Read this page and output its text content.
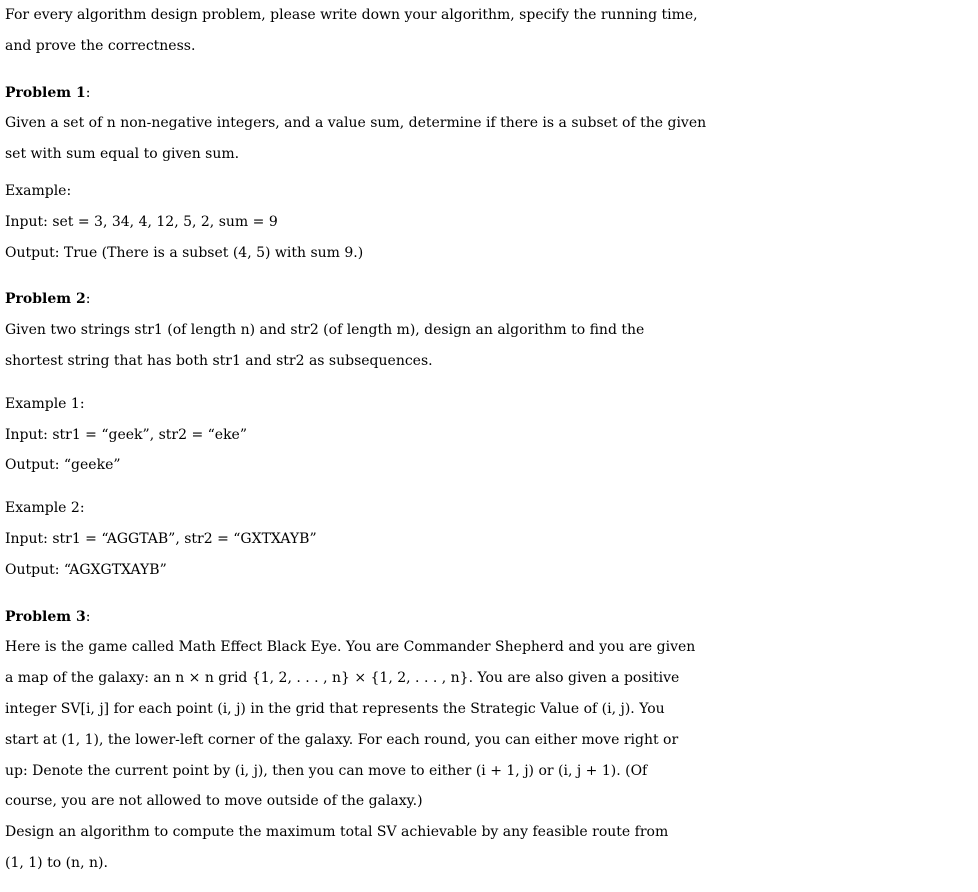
For every algorithm design problem, please write down your algorithm, specify the running time,
and prove the correctness.
Problem 1:
Given a set of n non-negative integers, and a value sum, determine if there is a subset of the given
set with sum equal to given sum.
Example:
Input: set = 3, 34, 4, 12, 5, 2, sum = 9
Output: True (There is a subset (4, 5) with sum 9.)
Problem 2:
Given two strings str1 (of length n) and str2 (of length m), design an algorithm to find the
shortest string that has both str1 and str2 as subsequences.
Example 1:
Input: str1 = “geek”, str2 = “eke”
Output: “geeke”
Example 2:
Input: str1 = “AGGTAB”, str2 = “GXTXAYB”
Output: “AGXGTXAYB”
Problem 3:
Here is the game called Math Effect Black Eye. You are Commander Shepherd and you are given
a map of the galaxy: an n × n grid {1, 2, . . . , n} × {1, 2, . . . , n}. You are also given a positive
integer SV[i, j] for each point (i, j) in the grid that represents the Strategic Value of (i, j). You
start at (1, 1), the lower-left corner of the galaxy. For each round, you can either move right or
up: Denote the current point by (i, j), then you can move to either (i + 1, j) or (i, j + 1). (Of
course, you are not allowed to move outside of the galaxy.)
Design an algorithm to compute the maximum total SV achievable by any feasible route from
(1, 1) to (n, n).
